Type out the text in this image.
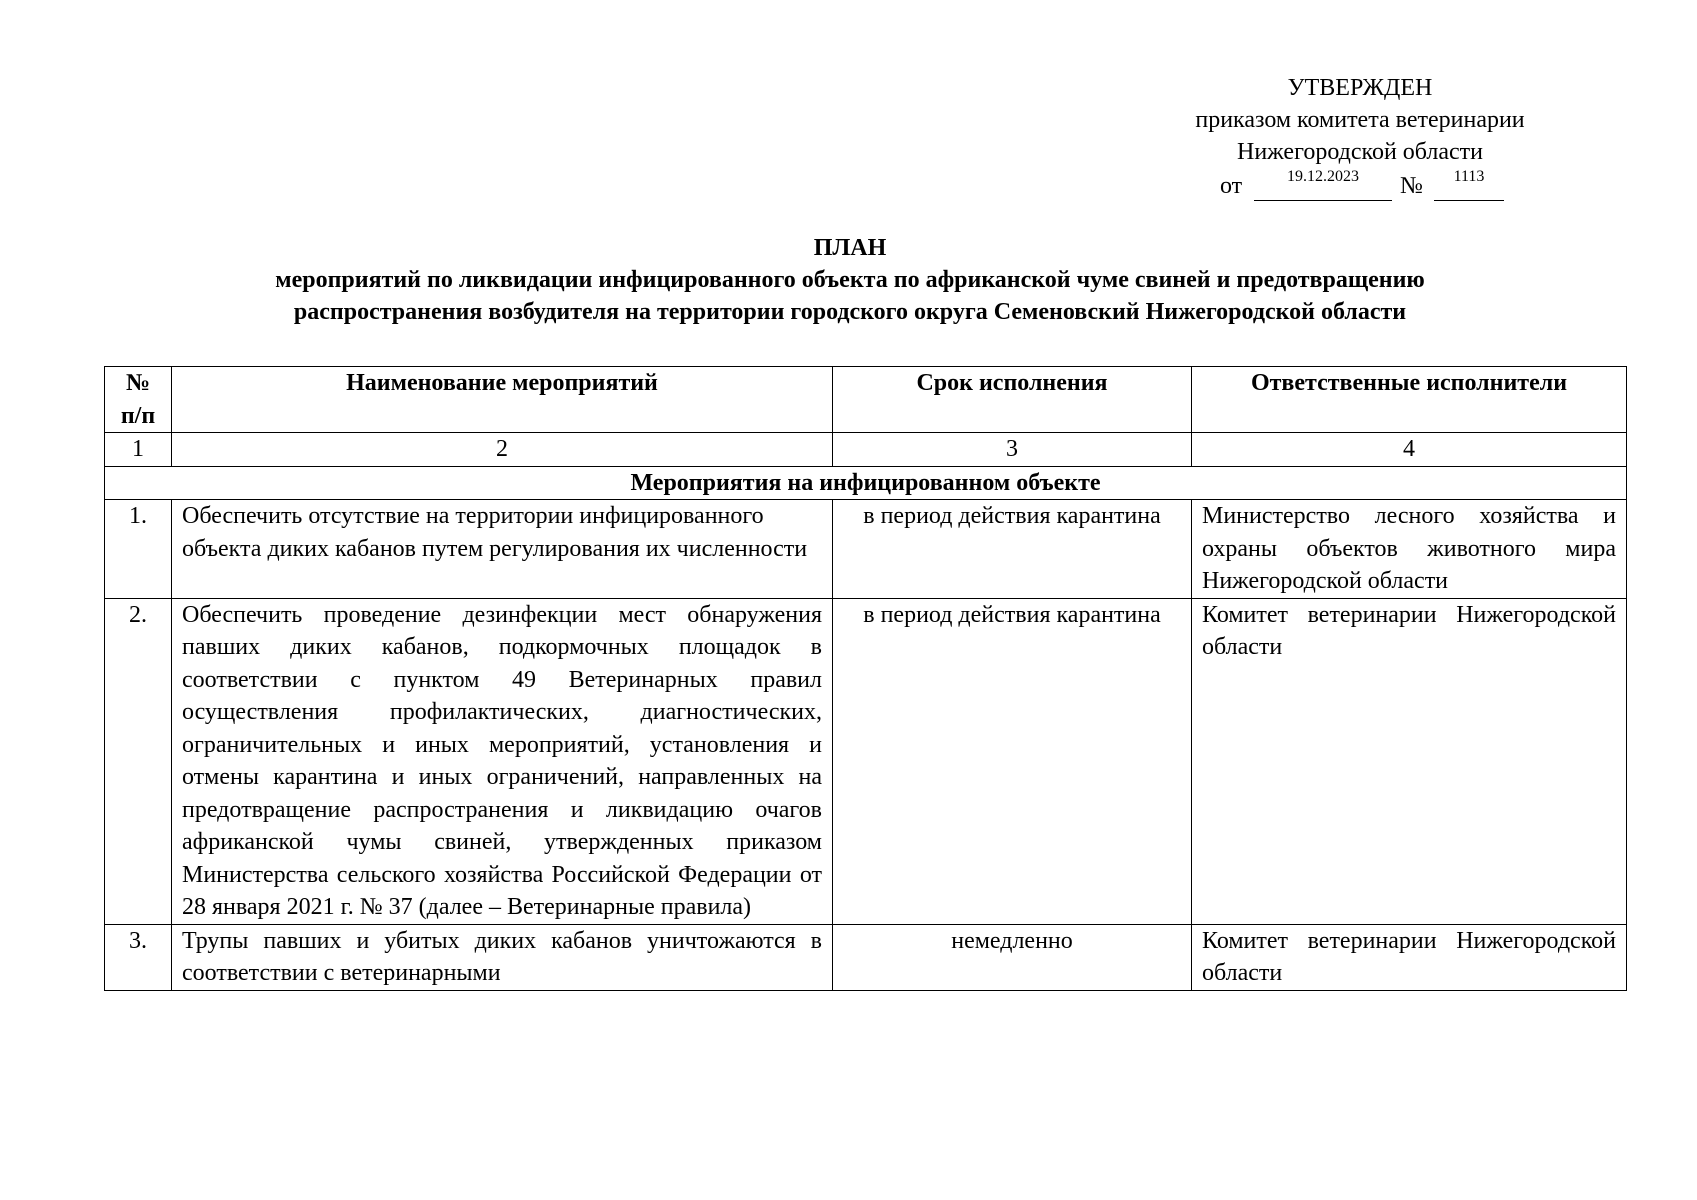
УТВЕРЖДЕН
приказом комитета ветеринарии
Нижегородской области
от	19.12.2023	№	1113
ПЛАН
мероприятий по ликвидации инфицированного объекта по африканской чуме свиней и предотвращению
распространения возбудителя на территории городского округа Семеновский Нижегородской области
№ п/п	Наименование мероприятий	Срок исполнения	Ответственные исполнители
1	2	3	4
Мероприятия на инфицированном объекте			
1.	Обеспечить отсутствие на территории инфицированного объекта диких кабанов путем регулирования их численности	в период действия карантина	Министерство лесного хозяйства и охраны объектов животного мира Нижегородской области
2.	Обеспечить проведение дезинфекции мест обнаружения павших диких кабанов, подкормочных площадок в соответствии с пунктом 49 Ветеринарных правил осуществления профилактических, диагностических, ограничительных и иных мероприятий, установления и отмены карантина и иных ограничений, направленных на предотвращение распространения и ликвидацию очагов африканской чумы свиней, утвержденных приказом Министерства сельского хозяйства Российской Федерации от 28 января 2021 г. № 37 (далее – Ветеринарные правила)	в период действия карантина	Комитет ветеринарии Нижегородской области
3.	Трупы павших и убитых диких кабанов уничтожаются в соответствии с ветеринарными	немедленно	Комитет ветеринарии Нижегородской области
